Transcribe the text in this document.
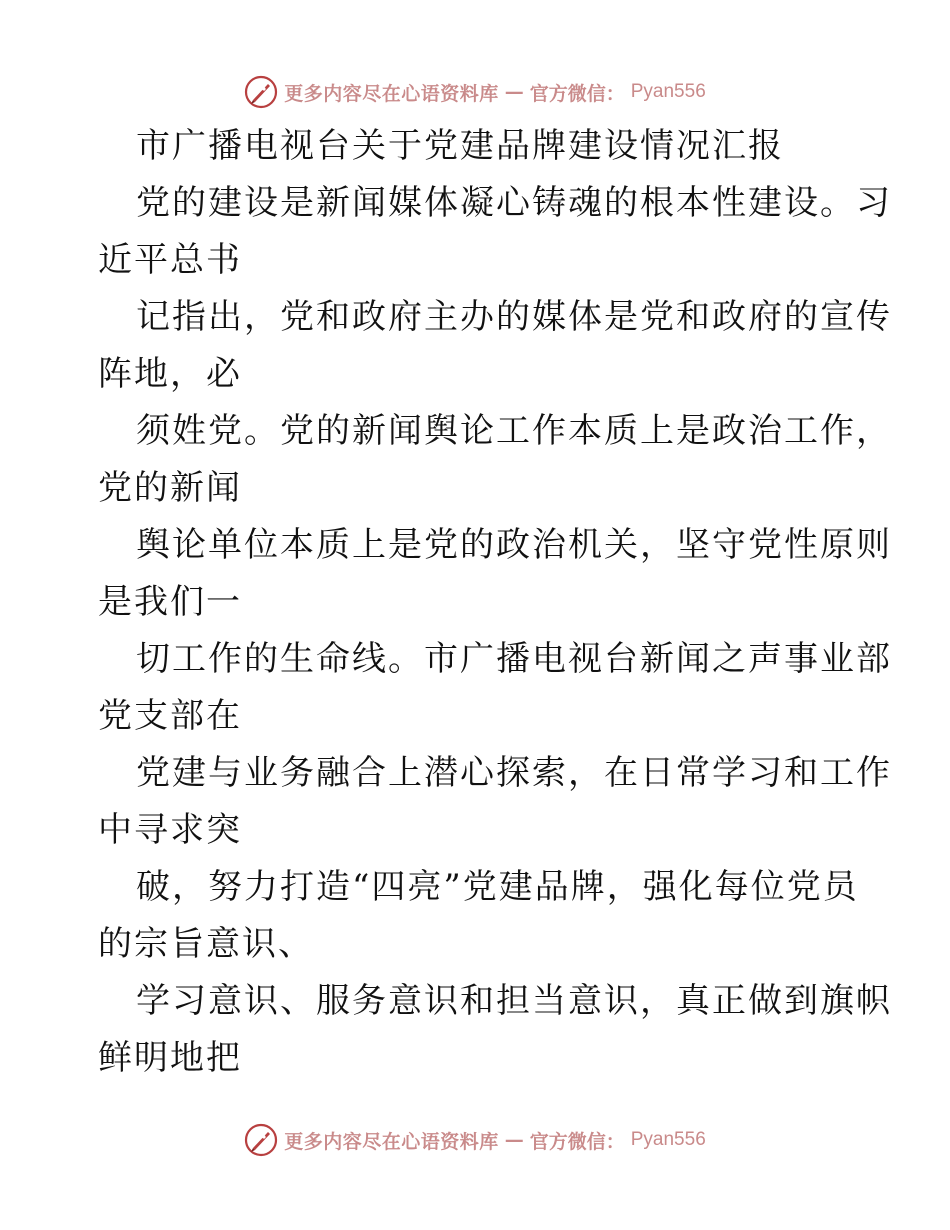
更多内容尽在心语资料库 — 官方微信： Pyan556
市广播电视台关于党建品牌建设情况汇报
党的建设是新闻媒体凝心铸魂的根本性建设。习
近平总书
记指出，党和政府主办的媒体是党和政府的宣传
阵地，必
须姓党。党的新闻舆论工作本质上是政治工作，
党的新闻
舆论单位本质上是党的政治机关，坚守党性原则
是我们一
切工作的生命线。市广播电视台新闻之声事业部
党支部在
党建与业务融合上潜心探索，在日常学习和工作
中寻求突
破，努力打造“四亮”党建品牌，强化每位党员
的宗旨意识、
学习意识、服务意识和担当意识，真正做到旗帜
鲜明地把
更多内容尽在心语资料库 — 官方微信： Pyan556
